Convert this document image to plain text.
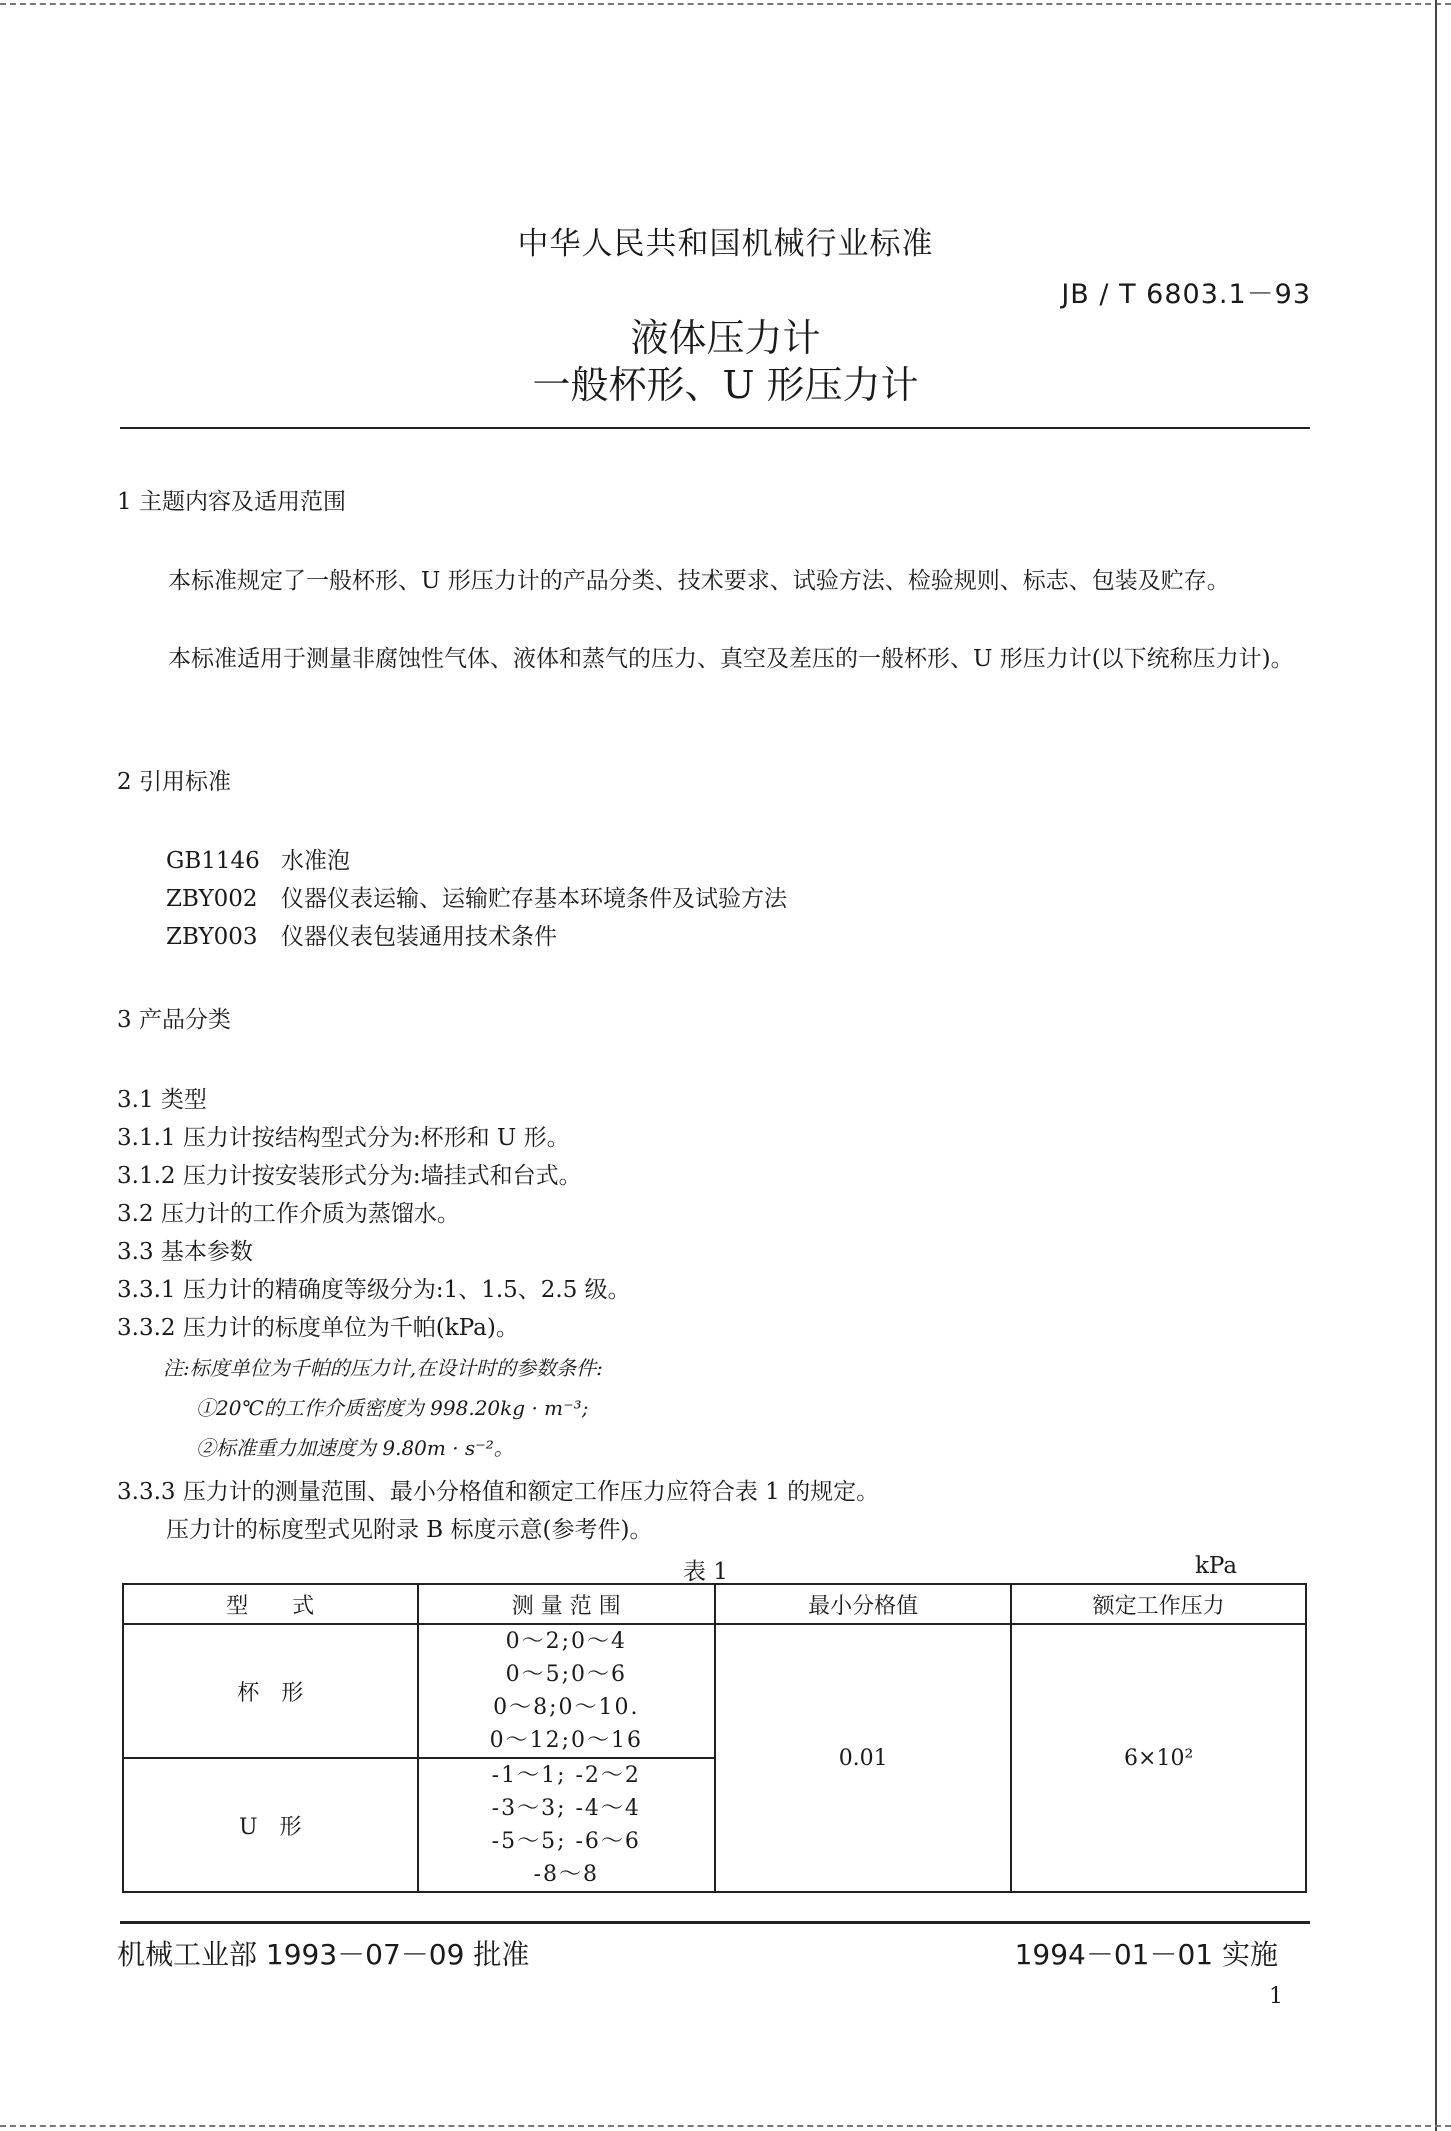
中华人民共和国机械行业标准
JB / T 6803.1－93
液体压力计
一般杯形、U 形压力计
1 主题内容及适用范围
本标准规定了一般杯形、U 形压力计的产品分类、技术要求、试验方法、检验规则、标志、包装及贮存。
本标准适用于测量非腐蚀性气体、液体和蒸气的压力、真空及差压的一般杯形、U 形压力计(以下统称压力计)。
2 引用标准
GB1146 水准泡
ZBY002 仪器仪表运输、运输贮存基本环境条件及试验方法
ZBY003 仪器仪表包装通用技术条件
3 产品分类
3.1 类型
3.1.1 压力计按结构型式分为:杯形和 U 形。
3.1.2 压力计按安装形式分为:墙挂式和台式。
3.2 压力计的工作介质为蒸馏水。
3.3 基本参数
3.3.1 压力计的精确度等级分为:1、1.5、2.5 级。
3.3.2 压力计的标度单位为千帕(kPa)。
注:标度单位为千帕的压力计,在设计时的参数条件:
①20℃的工作介质密度为 998.20kg · m⁻³;
②标准重力加速度为 9.80m · s⁻²。
3.3.3 压力计的测量范围、最小分格值和额定工作压力应符合表 1 的规定。
压力计的标度型式见附录 B 标度示意(参考件)。
表 1	kPa
型　　式	测 量 范 围	最小分格值	额定工作压力
杯　形	0～2;0～4
0～5;0～6
0～8;0～10.
0～12;0～16	0.01	6×10²
U　形	-1～1; -2～2
-3～3; -4～4
-5～5; -6～6
-8～8		
机械工业部 1993－07－09 批准	1994－01－01 实施
1
